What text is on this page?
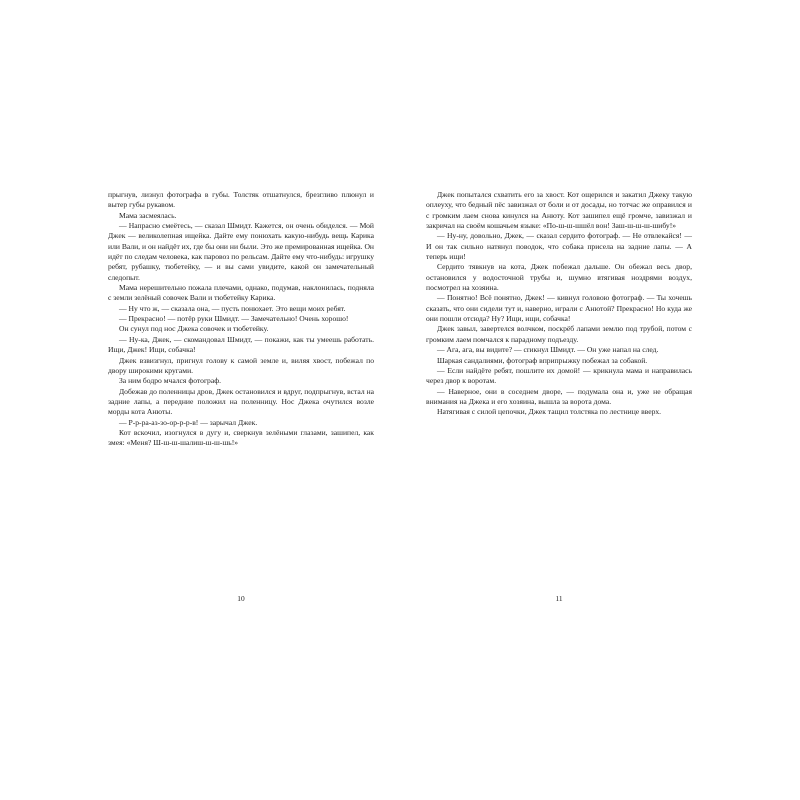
прыгнув, лизнул фотографа в губы. Толстяк отшатнулся, брезгливо плюнул и вытер губы рукавом.

Мама засмеялась.

— Напрасно смеётесь, — сказал Шмидт. Кажется, он очень обиделся. — Мой Джек — великолепная ищейка. Дайте ему понюхать какую-нибудь вещь Карика или Вали, и он найдёт их, где бы они ни были. Это же премированная ищейка. Он идёт по следам человека, как паровоз по рельсам. Дайте ему что-нибудь: игрушку ребят, рубашку, тюбетейку, — и вы сами увидите, какой он замечательный следопыт.

Мама нерешительно пожала плечами, однако, подумав, наклонилась, подняла с земли зелёный совочек Вали и тюбетейку Карика.

— Ну что ж, — сказала она, — пусть понюхает. Это вещи моих ребят.

— Прекрасно! — потёр руки Шмидт. — Замечательно! Очень хорошо!

Он сунул под нос Джека совочек и тюбетейку.

— Ну-ка, Джек, — скомандовал Шмидт, — покажи, как ты умеешь работать. Ищи, Джек! Ищи, собачка!

Джек взвизгнул, пригнул голову к самой земле и, виляя хвост, побежал по двору широкими кругами.

За ним бодро мчался фотограф.

Добежав до поленницы дров, Джек остановился и вдруг, подпрыгнув, встал на задние лапы, а передние положил на поленницу. Нос Джека очутился возле морды кота Анюты.

— Р-р-ра-аз-зо-ор-р-р-в! — зарычал Джек.

Кот вскочил, изогнулся в дугу и, сверкнув зелёными глазами, зашипел, как змея: «Меня? Ш-ш-ш-шалиш-ш-ш-шь!»

10

Джек попытался схватить его за хвост. Кот ощерился и закатил Джеку такую оплеуху, что бедный пёс завизжал от боли и от досады, но тотчас же оправился и с громким лаем снова кинулся на Анюту. Кот зашипел ещё громче, завизжал и закричал на своём кошачьем языке: «По-ш-ш-шшёл вон! Заш-ш-ш-ш-шибу!»

— Ну-ну, довольно, Джек, — сказал сердито фотограф. — Не отвлекайся! — И он так сильно натянул поводок, что собака присела на задние лапы. — А теперь ищи!

Сердито тявкнув на кота, Джек побежал дальше. Он обежал весь двор, остановился у водосточной трубы и, шумно втягивая ноздрями воздух, посмотрел на хозяина.

— Понятно! Всё понятно, Джек! — кивнул головою фотограф. — Ты хочешь сказать, что они сидели тут и, наверно, играли с Анютой? Прекрасно! Но куда же они пошли отсюда? Ну? Ищи, ищи, собачка!

Джек завыл, завертелся волчком, поскрёб лапами землю под трубой, потом с громким лаем помчался к парадному подъезду.

— Ага, ага, вы видите? — crикнул Шмидт. — Он уже напал на след.

Шаркая сандалиями, фотограф вприпрыжку побежал за собакой.

— Если найдёте ребят, пошлите их домой! — крикнула мама и направилась через двор к воротам.

— Наверное, они в соседнем дворе, — подумала она и, уже не обращая внимания на Джека и его хозяина, вышла за ворота дома.

Натягивая с силой цепочки, Джек тащил толстяка по лестнице вверх.

11
